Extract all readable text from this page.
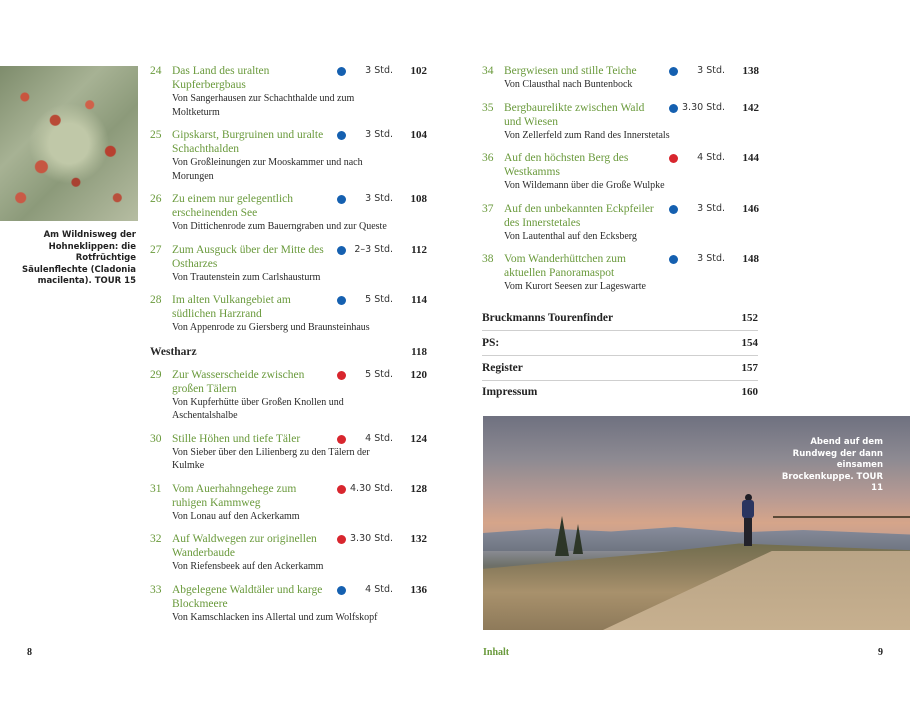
Am Wildnisweg der Hohneklippen: die Rotfrüchtige Säulenflechte (Cladonia macilenta). TOUR 15
24 Das Land des uralten Kupferbergbaus
3 Std.	102
Von Sangerhausen zur Schachthalde und zum Moltketurm
25 Gipskarst, Burgruinen und uralte Schachthalden
3 Std.	104
Von Großleinungen zur Mooskammer und nach Morungen
26 Zu einem nur gelegentlich erscheinenden See
3 Std.	108
Von Dittichenrode zum Bauerngraben und zur Queste
27 Zum Ausguck über der Mitte des Ostharzes
2–3 Std.	112
Von Trautenstein zum Carlshausturm
28 Im alten Vulkangebiet am südlichen Harzrand
5 Std.	114
Von Appenrode zu Giersberg und Braunsteinhaus
Westharz	118
29 Zur Wasserscheide zwischen großen Tälern
5 Std.	120
Von Kupferhütte über Großen Knollen und Aschentalshalbe
30 Stille Höhen und tiefe Täler	4 Std.	124
Von Sieber über den Lilienberg zu den Tälern der Kulmke
31 Vom Auerhahngehege zum ruhigen Kammweg
4.30 Std.	128
Von Lonau auf den Ackerkamm
32 Auf Waldwegen zur originellen Wanderbaude
3.30 Std.	132
Von Riefensbeek auf den Ackerkamm
33 Abgelegene Waldtäler und karge Blockmeere
4 Std.	136
Von Kamschlacken ins Allertal und zum Wolfskopf
8
34 Bergwiesen und stille Teiche	3 Std.	138
Von Clausthal nach Buntenbock
35 Bergbaurelikte zwischen Wald und Wiesen
3.30 Std.	142
Von Zellerfeld zum Rand des Innerstetals
36 Auf den höchsten Berg des Westkamms
4 Std.	144
Von Wildemann über die Große Wulpke
37 Auf den unbekannten Eckpfeiler des Innerstetales
3 Std.	146
Von Lautenthal auf den Ecksberg
38 Vom Wanderhüttchen zum aktuellen Panoramaspot
3 Std.	148
Vom Kurort Seesen zur Lageswarte
Bruckmanns Tourenfinder	152
PS:	154
Register	157
Impressum	160
Abend auf dem Rundweg der dann einsamen Brockenkuppe. TOUR 11
Inhalt	9
